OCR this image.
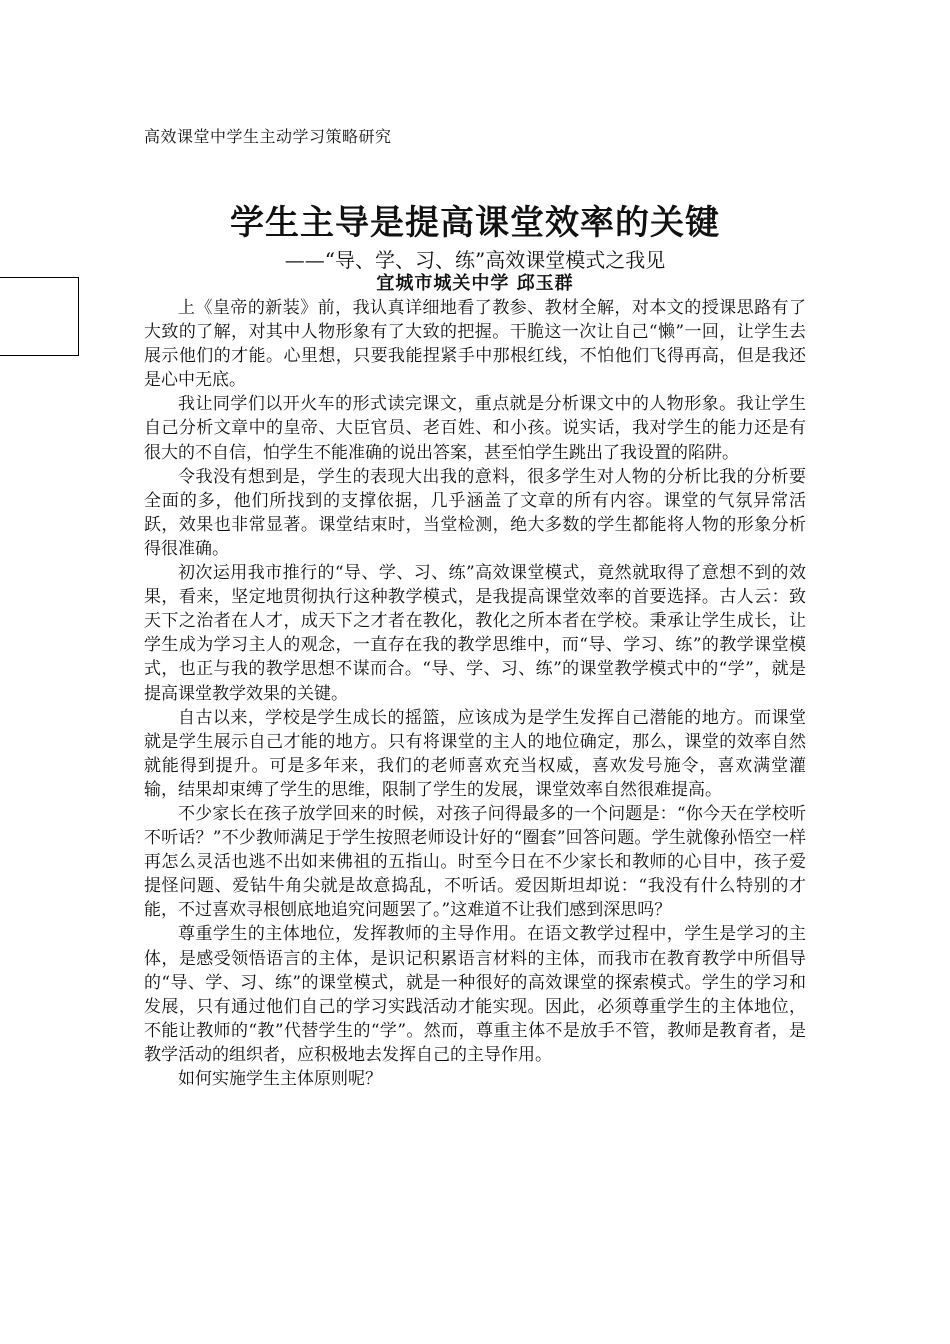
高效课堂中学生主动学习策略研究
学生主导是提高课堂效率的关键
——“导、学、习、练”高效课堂模式之我见
宜城市城关中学 邱玉群

上《皇帝的新装》前，我认真详细地看了教参、教材全解，对本文的授课思路有了大致的了解，对其中人物形象有了大致的把握。干脆这一次让自己“懒”一回，让学生去展示他们的才能。心里想，只要我能捏紧手中那根红线，不怕他们飞得再高，但是我还是心中无底。

我让同学们以开火车的形式读完课文，重点就是分析课文中的人物形象。我让学生自己分析文章中的皇帝、大臣官员、老百姓、和小孩。说实话，我对学生的能力还是有很大的不自信，怕学生不能准确的说出答案，甚至怕学生跳出了我设置的陷阱。

令我没有想到是，学生的表现大出我的意料，很多学生对人物的分析比我的分析要全面的多，他们所找到的支撑依据，几乎涵盖了文章的所有内容。课堂的气氛异常活跃，效果也非常显著。课堂结束时，当堂检测，绝大多数的学生都能将人物的形象分析得很准确。

初次运用我市推行的“导、学、习、练”高效课堂模式，竟然就取得了意想不到的效果，看来，坚定地贯彻执行这种教学模式，是我提高课堂效率的首要选择。古人云：致天下之治者在人才，成天下之才者在教化，教化之所本者在学校。秉承让学生成长，让学生成为学习主人的观念，一直存在我的教学思维中，而“导、学习、练”的教学课堂模式，也正与我的教学思想不谋而合。“导、学、习、练”的课堂教学模式中的“学”，就是提高课堂教学效果的关键。

自古以来，学校是学生成长的摇篮，应该成为是学生发挥自己潜能的地方。而课堂就是学生展示自己才能的地方。只有将课堂的主人的地位确定，那么，课堂的效率自然就能得到提升。可是多年来，我们的老师喜欢充当权威，喜欢发号施令，喜欢满堂灌输，结果却束缚了学生的思维，限制了学生的发展，课堂效率自然很难提高。

不少家长在孩子放学回来的时候，对孩子问得最多的一个问题是：“你今天在学校听不听话？”不少教师满足于学生按照老师设计好的“圈套”回答问题。学生就像孙悟空一样再怎么灵活也逃不出如来佛祖的五指山。时至今日在不少家长和教师的心目中，孩子爱提怪问题、爱钻牛角尖就是故意捣乱，不听话。爱因斯坦却说：“我没有什么特别的才能，不过喜欢寻根刨底地追究问题罢了。”这难道不让我们感到深思吗？

尊重学生的主体地位，发挥教师的主导作用。在语文教学过程中，学生是学习的主体，是感受领悟语言的主体，是识记积累语言材料的主体，而我市在教育教学中所倡导的“导、学、习、练”的课堂模式，就是一种很好的高效课堂的探索模式。学生的学习和发展，只有通过他们自己的学习实践活动才能实现。因此，必须尊重学生的主体地位，不能让教师的“教”代替学生的“学”。然而，尊重主体不是放手不管，教师是教育者，是教学活动的组织者，应积极地去发挥自己的主导作用。

如何实施学生主体原则呢？
